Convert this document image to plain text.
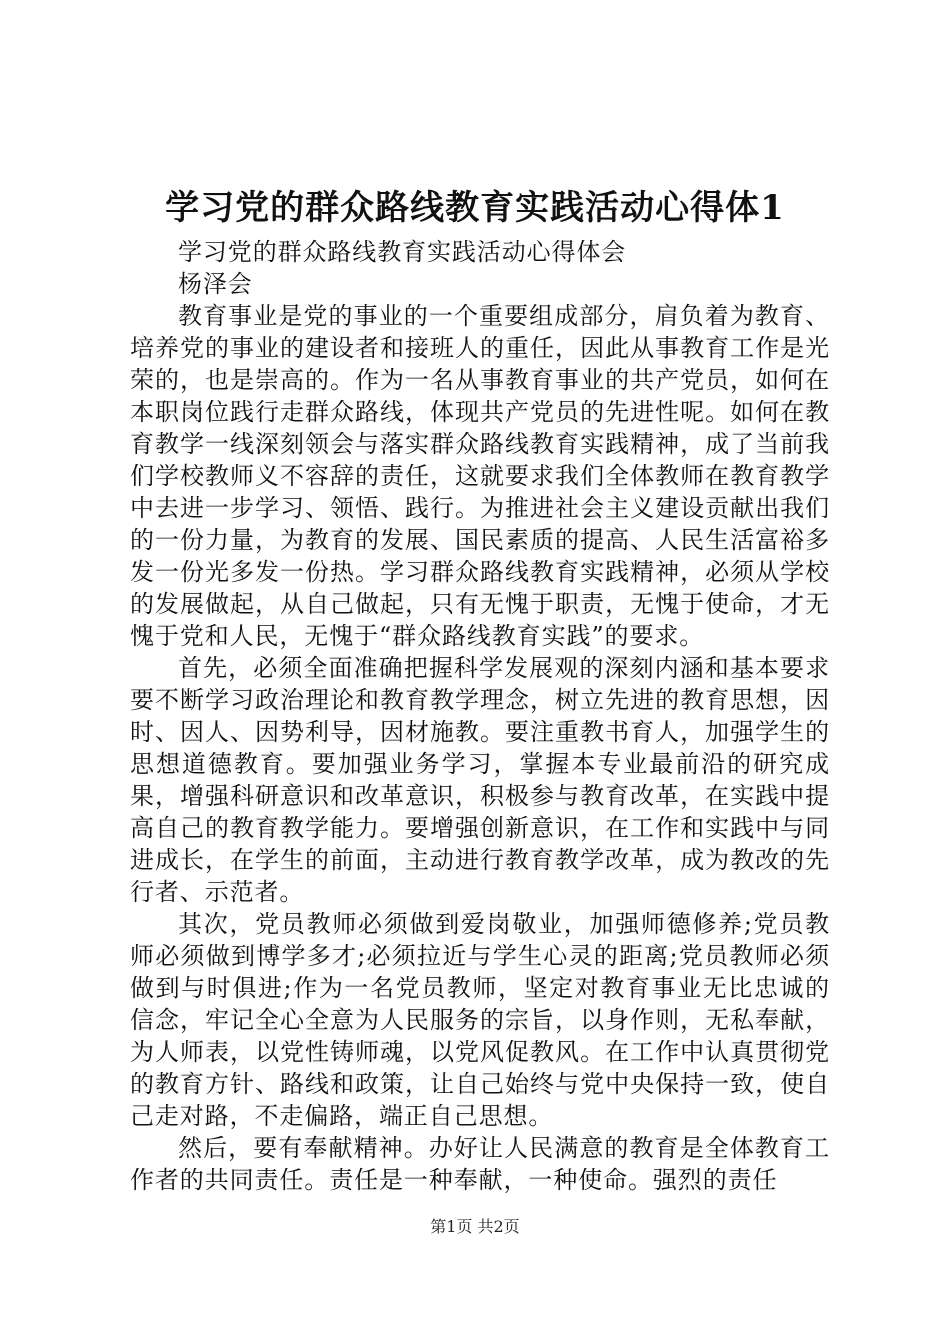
学习党的群众路线教育实践活动心得体1

学习党的群众路线教育实践活动心得体会

杨泽会

教育事业是党的事业的一个重要组成部分，肩负着为教育、培养党的事业的建设者和接班人的重任，因此从事教育工作是光荣的，也是崇高的。作为一名从事教育事业的共产党员，如何在本职岗位践行走群众路线，体现共产党员的先进性呢。如何在教育教学一线深刻领会与落实群众路线教育实践精神，成了当前我们学校教师义不容辞的责任，这就要求我们全体教师在教育教学中去进一步学习、领悟、践行。为推进社会主义建设贡献出我们的一份力量，为教育的发展、国民素质的提高、人民生活富裕多发一份光多发一份热。学习群众路线教育实践精神，必须从学校的发展做起，从自己做起，只有无愧于职责，无愧于使命，才无愧于党和人民，无愧于“群众路线教育实践”的要求。

首先，必须全面准确把握科学发展观的深刻内涵和基本要求要不断学习政治理论和教育教学理念，树立先进的教育思想，因时、因人、因势利导，因材施教。要注重教书育人，加强学生的思想道德教育。要加强业务学习，掌握本专业最前沿的研究成果，增强科研意识和改革意识，积极参与教育改革，在实践中提高自己的教育教学能力。要增强创新意识，在工作和实践中与同进成长，在学生的前面，主动进行教育教学改革，成为教改的先行者、示范者。

其次，党员教师必须做到爱岗敬业，加强师德修养;党员教师必须做到博学多才;必须拉近与学生心灵的距离;党员教师必须做到与时俱进;作为一名党员教师，坚定对教育事业无比忠诚的信念，牢记全心全意为人民服务的宗旨，以身作则，无私奉献，为人师表，以党性铸师魂，以党风促教风。在工作中认真贯彻党的教育方针、路线和政策，让自己始终与党中央保持一致，使自己走对路，不走偏路，端正自己思想。

然后，要有奉献精神。办好让人民满意的教育是全体教育工作者的共同责任。责任是一种奉献，一种使命。强烈的责任

第1页 共2页
